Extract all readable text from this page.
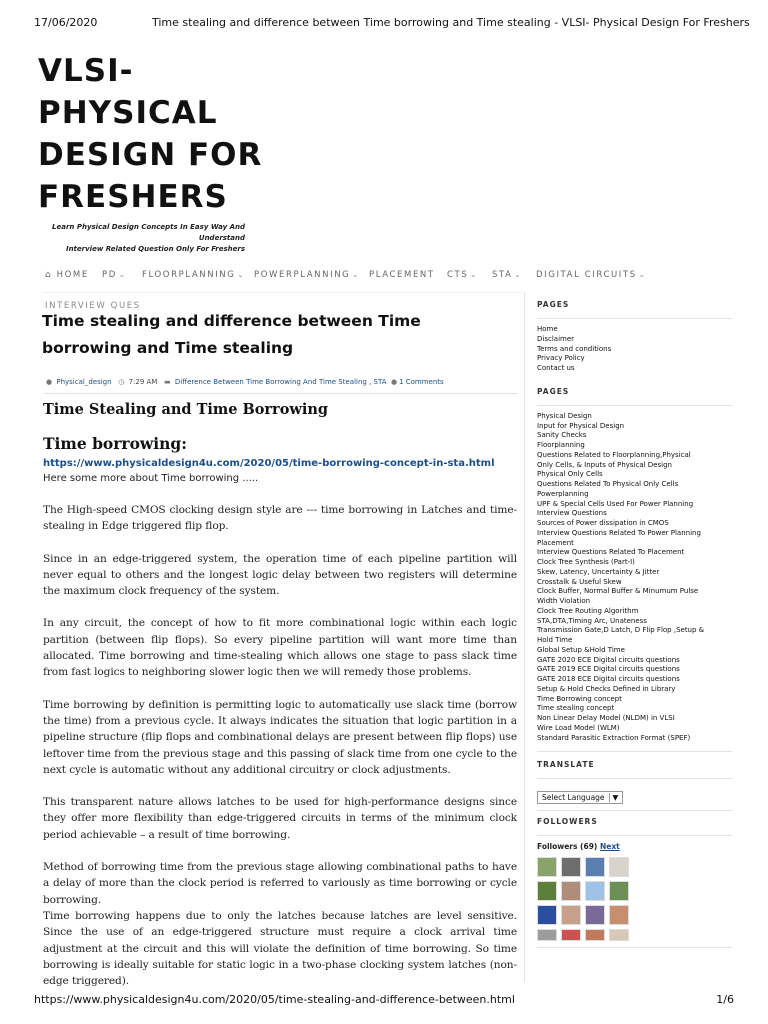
17/06/2020	Time stealing and difference between Time borrowing and Time stealing - VLSI- Physical Design For Freshers
VLSI-
PHYSICAL
DESIGN FOR
FRESHERS
Learn Physical Design Concepts In Easy Way And Understand
Interview Related Question Only For Freshers
⌂ HOME PD ⌄ FLOORPLANNING ⌄ POWERPLANNING ⌄ PLACEMENT CTS ⌄ STA ⌄ DIGITAL CIRCUITS ⌄
INTERVIEW QUES
Time stealing and difference between Time borrowing and Time stealing
● Physical_design ◷ 7:29 AM ▬ Difference Between Time Borrowing And Time Stealing , STA ● 1 Comments
Time Stealing and Time Borrowing
Time borrowing:
https://www.physicaldesign4u.com/2020/05/time-borrowing-concept-in-sta.html
Here some more about Time borrowing .....

The High-speed CMOS clocking design style are --- time borrowing in Latches and time-stealing in Edge triggered flip flop.

Since in an edge-triggered system, the operation time of each pipeline partition will never equal to others and the longest logic delay between two registers will determine the maximum clock frequency of the system.

In any circuit, the concept of how to fit more combinational logic within each logic partition (between flip flops). So every pipeline partition will want more time than allocated. Time borrowing and time-stealing which allows one stage to pass slack time from fast logics to neighboring slower logic then we will remedy those problems.

Time borrowing by definition is permitting logic to automatically use slack time (borrow the time) from a previous cycle. It always indicates the situation that logic partition in a pipeline structure (flip flops and combinational delays are present between flip flops) use leftover time from the previous stage and this passing of slack time from one cycle to the next cycle is automatic without any additional circuitry or clock adjustments.

This transparent nature allows latches to be used for high-performance designs since they offer more flexibility than edge-triggered circuits in terms of the minimum clock period achievable – a result of time borrowing.

Method of borrowing time from the previous stage allowing combinational paths to have a delay of more than the clock period is referred to variously as time borrowing or cycle borrowing.

Time borrowing happens due to only the latches because latches are level sensitive. Since the use of an edge-triggered structure must require a clock arrival time adjustment at the circuit and this will violate the definition of time borrowing. So time borrowing is ideally suitable for static logic in a two-phase clocking system latches (non-edge triggered).

PAGES
Home
Disclaimer
Terms and conditions
Privacy Policy
Contact us
PAGES
Physical Design
Input for Physical Design
Sanity Checks
Floorplanning
Questions Related to Floorplanning,Physical
Only Cells, & Inputs of Physical Design
Physical Only Cells
Questions Related To Physical Only Cells
Powerplanning
UPF & Special Cells Used For Power Planning
Interview Questions
Sources of Power dissipation in CMOS
Interview Questions Related To Power Planning
Placement
Interview Questions Related To Placement
Clock Tree Synthesis (Part-I)
Skew, Latency, Uncertainty & Jitter
Crosstalk & Useful Skew
Clock Buffer, Normal Buffer & Minumum Pulse
Width Violation
Clock Tree Routing Algorithm
STA,DTA,Timing Arc, Unateness
Transmission Gate,D Latch, D Flip Flop ,Setup &
Hold Time
Global Setup &Hold Time
GATE 2020 ECE Digital circuits questions
GATE 2019 ECE Digital circuits questions
GATE 2018 ECE Digital circuits questions
Setup & Hold Checks Defined in Library
Time Borrowing concept
Time stealing concept
Non Linear Delay Model (NLDM) in VLSI
Wire Load Model (WLM)
Standard Parasitic Extraction Format (SPEF)
TRANSLATE
Select Language ▼
FOLLOWERS
Followers (69) Next
https://www.physicaldesign4u.com/2020/05/time-stealing-and-difference-between.html	1/6
